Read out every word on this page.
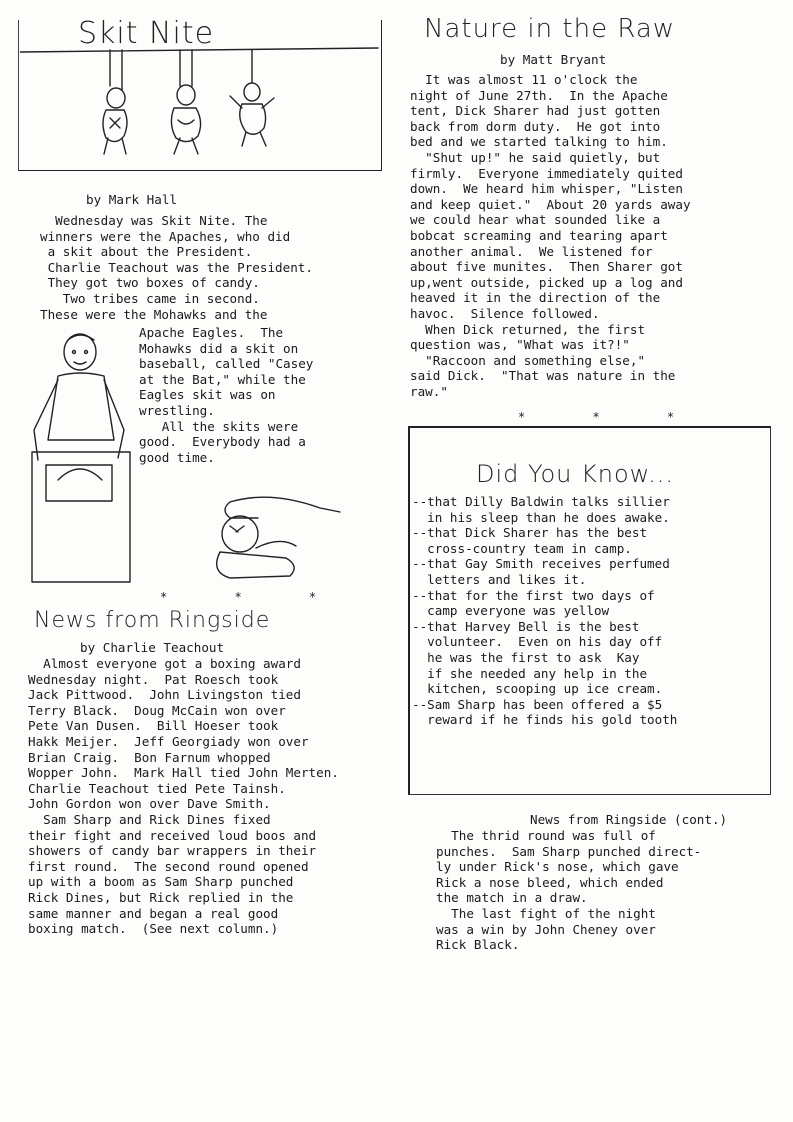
Skit Nite
by Mark Hall
Wednesday was Skit Nite. The
winners were the Apaches, who did
a skit about the President.
Charlie Teachout was the President.
They got two boxes of candy.
Two tribes came in second.
These were the Mohawks and the
Apache Eagles.  The
Mohawks did a skit on
baseball, called "Casey
at the Bat," while the
Eagles skit was on
wrestling.
All the skits were
good.  Everybody had a
good time.
* * *
News from Ringside
by Charlie Teachout
Almost everyone got a boxing award
Wednesday night.  Pat Roesch took
Jack Pittwood.  John Livingston tied
Terry Black.  Doug McCain won over
Pete Van Dusen.  Bill Hoeser took
Hakk Meijer.  Jeff Georgiady won over
Brian Craig.  Bon Farnum whopped
Wopper John.  Mark Hall tied John Merten.
Charlie Teachout tied Pete Tainsh.
John Gordon won over Dave Smith.
Sam Sharp and Rick Dines fixed
their fight and received loud boos and
showers of candy bar wrappers in their
first round.  The second round opened
up with a boom as Sam Sharp punched
Rick Dines, but Rick replied in the
same manner and began a real good
boxing match.  (See next column.)
Nature in the Raw
by Matt Bryant
It was almost 11 o'clock the
night of June 27th.  In the Apache
tent, Dick Sharer had just gotten
back from dorm duty.  He got into
bed and we started talking to him.
"Shut up!" he said quietly, but
firmly.  Everyone immediately quited
down.  We heard him whisper, "Listen
and keep quiet."  About 20 yards away
we could hear what sounded like a
bobcat screaming and tearing apart
another animal.  We listened for
about five munites.  Then Sharer got
up,went outside, picked up a log and
heaved it in the direction of the
havoc.  Silence followed.
When Dick returned, the first
question was, "What was it?!"
"Raccoon and something else,"
said Dick.  "That was nature in the
raw."
* * *
Did You Know...
--that Dilly Baldwin talks sillier
in his sleep than he does awake.
--that Dick Sharer has the best
cross-country team in camp.
--that Gay Smith receives perfumed
letters and likes it.
--that for the first two days of
camp everyone was yellow
--that Harvey Bell is the best
volunteer.  Even on his day off
he was the first to ask  Kay
if she needed any help in the
kitchen, scooping up ice cream.
--Sam Sharp has been offered a $5
reward if he finds his gold tooth
News from Ringside (cont.)
The thrid round was full of
punches.  Sam Sharp punched direct-
ly under Rick's nose, which gave
Rick a nose bleed, which ended
the match in a draw.
The last fight of the night
was a win by John Cheney over
Rick Black.
